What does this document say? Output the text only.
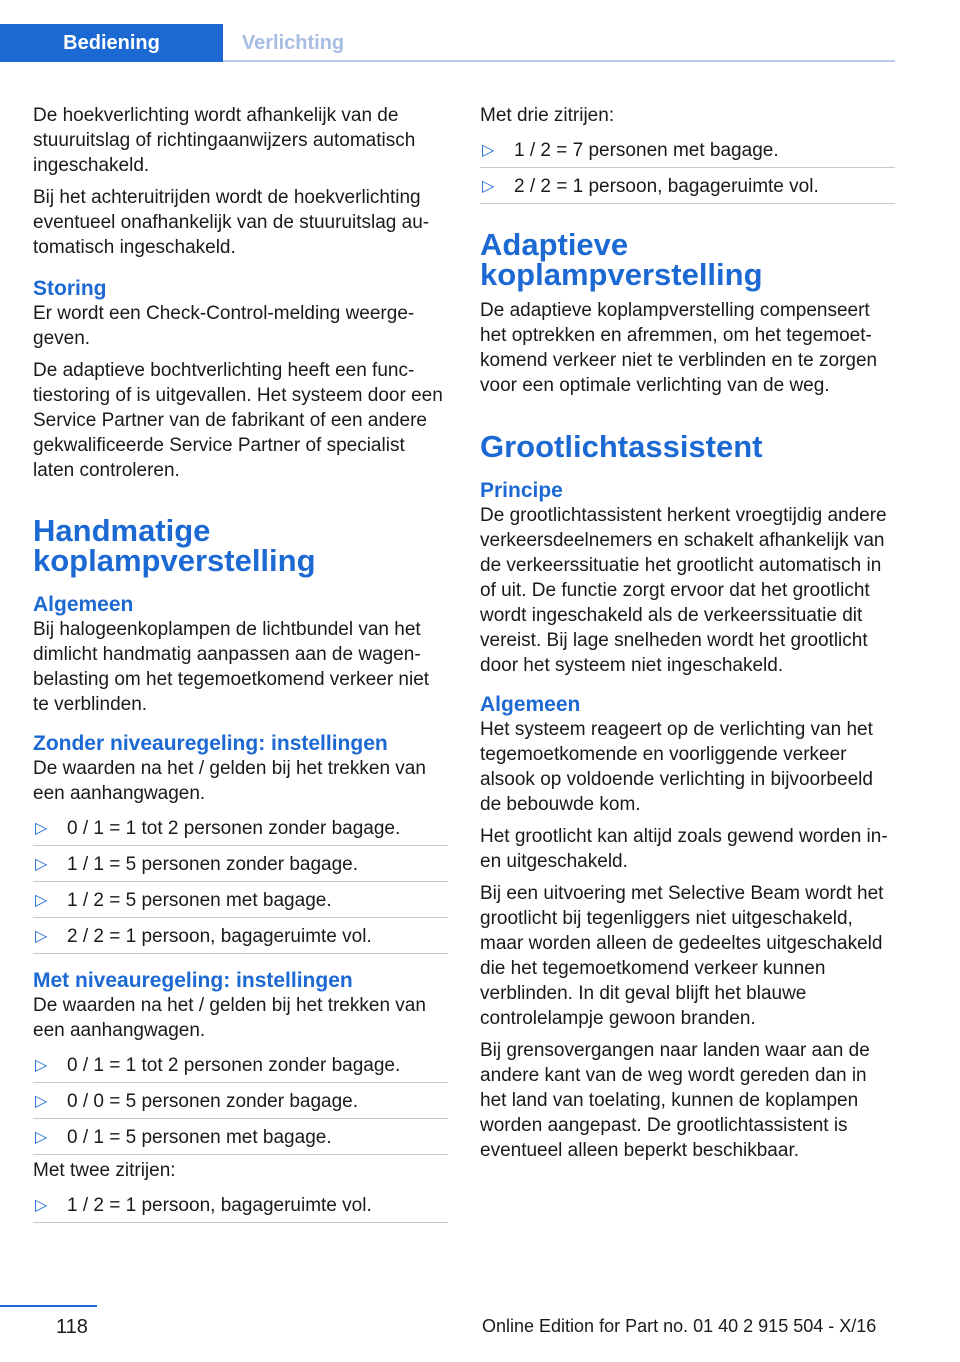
Bediening	Verlichting

De hoekverlichting wordt afhankelijk van de stuuruitslag of richtingaanwijzers automatisch ingeschakeld.

Bij het achteruitrijden wordt de hoekverlichting eventueel onafhankelijk van de stuuruitslag automatisch ingeschakeld.

Storing

Er wordt een Check-Control-melding weergegeven.

De adaptieve bochtverlichting heeft een functiestoring of is uitgevallen. Het systeem door een Service Partner van de fabrikant of een andere gekwalificeerde Service Partner of specialist laten controleren.

Handmatige koplampverstelling
Algemeen

Bij halogeenkoplampen de lichtbundel van het dimlicht handmatig aanpassen aan de wagenbelasting om het tegemoetkomend verkeer niet te verblinden.

Zonder niveauregeling: instellingen

De waarden na het / gelden bij het trekken van een aanhangwagen.

▷ 0 / 1 = 1 tot 2 personen zonder bagage.
▷ 1 / 1 = 5 personen zonder bagage.
▷ 1 / 2 = 5 personen met bagage.
▷ 2 / 2 = 1 persoon, bagageruimte vol.
Met niveauregeling: instellingen

De waarden na het / gelden bij het trekken van een aanhangwagen.

▷ 0 / 1 = 1 tot 2 personen zonder bagage.
▷ 0 / 0 = 5 personen zonder bagage.
▷ 0 / 1 = 5 personen met bagage.

Met twee zitrijen:

▷ 1 / 2 = 1 persoon, bagageruimte vol.

Met drie zitrijen:

▷ 1 / 2 = 7 personen met bagage.
▷ 2 / 2 = 1 persoon, bagageruimte vol.
Adaptieve koplampverstelling

De adaptieve koplampverstelling compenseert het optrekken en afremmen, om het tegemoetkomend verkeer niet te verblinden en te zorgen voor een optimale verlichting van de weg.

Grootlichtassistent
Principe

De grootlichtassistent herkent vroegtijdig andere verkeersdeelnemers en schakelt afhankelijk van de verkeerssituatie het grootlicht automatisch in of uit. De functie zorgt ervoor dat het grootlicht wordt ingeschakeld als de verkeerssituatie dit vereist. Bij lage snelheden wordt het grootlicht door het systeem niet ingeschakeld.

Algemeen

Het systeem reageert op de verlichting van het tegemoetkomende en voorliggende verkeer alsook op voldoende verlichting in bijvoorbeeld de bebouwde kom.

Het grootlicht kan altijd zoals gewend worden in- en uitgeschakeld.

Bij een uitvoering met Selective Beam wordt het grootlicht bij tegenliggers niet uitgeschakeld, maar worden alleen de gedeeltes uitgeschakeld die het tegemoetkomend verkeer kunnen verblinden. In dit geval blijft het blauwe controlelampje gewoon branden.

Bij grensovergangen naar landen waar aan de andere kant van de weg wordt gereden dan in het land van toelating, kunnen de koplampen worden aangepast. De grootlichtassistent is eventueel alleen beperkt beschikbaar.

118	Online Edition for Part no. 01 40 2 915 504 - X/16
